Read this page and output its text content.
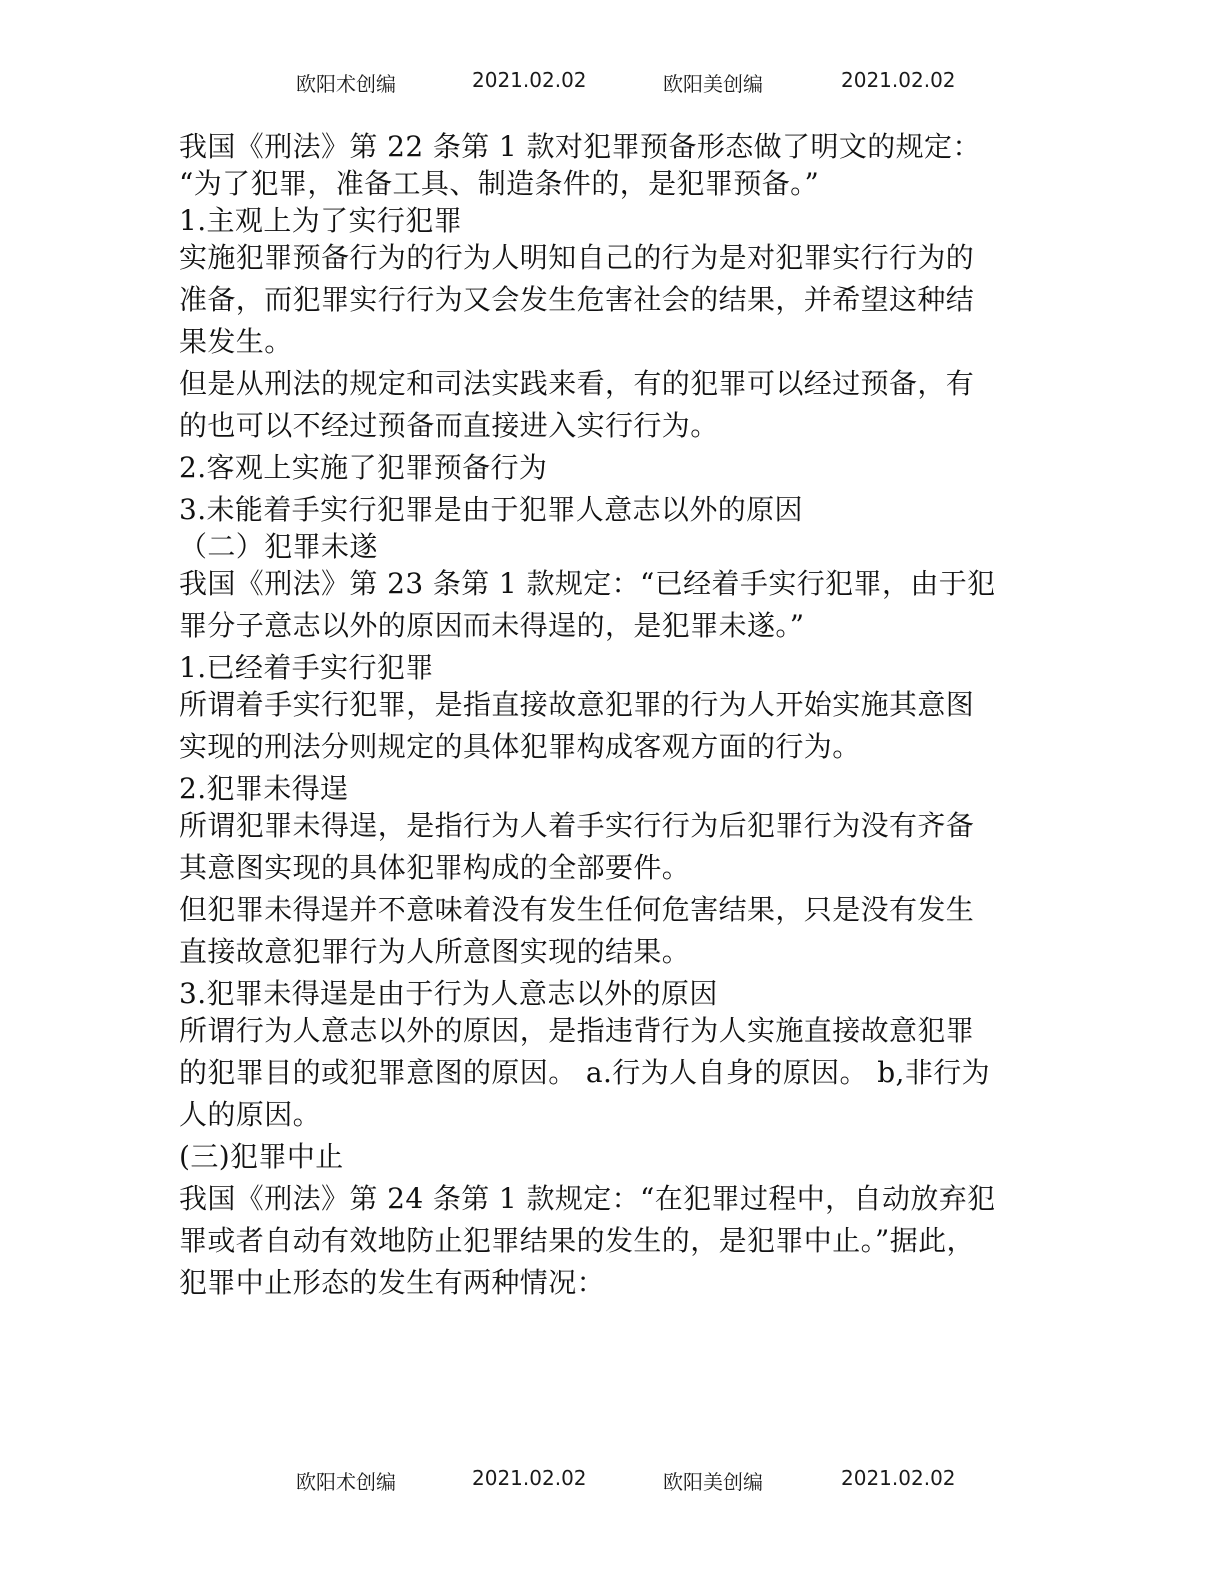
欧阳术创编	2021.02.02	欧阳美创编	2021.02.02
我国《刑法》第 22 条第 1 款对犯罪预备形态做了明文的规定：
“为了犯罪，准备工具、制造条件的，是犯罪预备。”
1.主观上为了实行犯罪
实施犯罪预备行为的行为人明知自己的行为是对犯罪实行行为的
准备，而犯罪实行行为又会发生危害社会的结果，并希望这种结
果发生。
但是从刑法的规定和司法实践来看，有的犯罪可以经过预备，有
的也可以不经过预备而直接进入实行行为。
2.客观上实施了犯罪预备行为
3.未能着手实行犯罪是由于犯罪人意志以外的原因
（二）犯罪未遂
我国《刑法》第 23 条第 1 款规定：“已经着手实行犯罪，由于犯
罪分子意志以外的原因而未得逞的，是犯罪未遂。”
1.已经着手实行犯罪
所谓着手实行犯罪，是指直接故意犯罪的行为人开始实施其意图
实现的刑法分则规定的具体犯罪构成客观方面的行为。
2.犯罪未得逞
所谓犯罪未得逞，是指行为人着手实行行为后犯罪行为没有齐备
其意图实现的具体犯罪构成的全部要件。
但犯罪未得逞并不意味着没有发生任何危害结果，只是没有发生
直接故意犯罪行为人所意图实现的结果。
3.犯罪未得逞是由于行为人意志以外的原因
所谓行为人意志以外的原因，是指违背行为人实施直接故意犯罪
的犯罪目的或犯罪意图的原因。 a.行为人自身的原因。 b,非行为
人的原因。
(三)犯罪中止
我国《刑法》第 24 条第 1 款规定：“在犯罪过程中，自动放弃犯
罪或者自动有效地防止犯罪结果的发生的，是犯罪中止。”据此，
犯罪中止形态的发生有两种情况：
欧阳术创编	2021.02.02	欧阳美创编	2021.02.02
